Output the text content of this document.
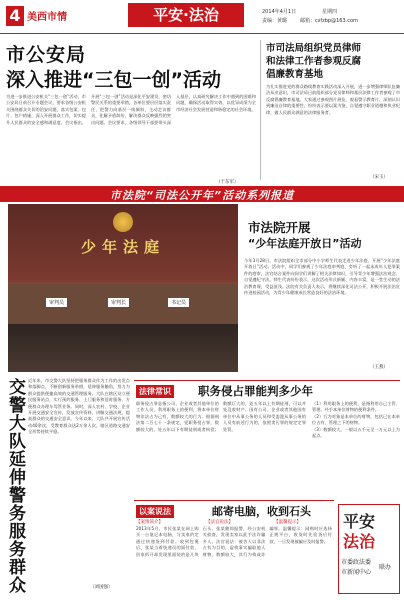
4 美西市情	平安·法治	2014年4月1日	星期四
责编：黄璐	邮箱：csfzbp@163.com
市公安局
深入推进“三包一创”活动
为进一步推进公安机关“三包一创”活动，市公安局日前召开专题会议，要求各级公安机关围绕群众关切的治安问题，落实包案、包片、包户措施，深入开展群众工作，切实提升人民群众的安全感和满意度。会议指出，开展“三包一创”活动是深化平安建设、密切警民关系的重要举措，各单位要层层落实责任，把警力向基层一线倾斜，主动走访群众，化解矛盾纠纷，解决群众反映强烈的突出问题。会议要求，各级领导干部要带头深入基层，认真研究解决工作中遇到的困难和问题，确保活动取得实效，以优异成绩为全市经济社会发展营造和谐稳定的社会环境。
（于东军）
市司法局组织党员律师
和法律工作者参观反腐
倡廉教育基地
为扎实推进党的群众路线教育实践活动深入开展，进一步增强律师队伍廉洁从业意识，市司法局日前组织部分党员律师和基层法律工作者参观了市反腐倡廉教育基地。大家通过参观图片展览、观看警示教育片，深刻认识到廉洁自律的重要性，纷纷表示要以案为鉴，自觉遵守职业道德和执业纪律，做人民群众满意的法律服务者。
（宋玉）
市法院“司法公开年”活动系列报道
少年法庭
审判员	审判长	书记员
市法院开展
“少年法庭开放日”活动
今年3月28日，市法院组织全市部分中小学师生代表走进少年法庭，开展“少年法庭开放日”活动。活动中，同学们参观了少年法庭审判庭，旁听了一起未成年人犯罪案件的庭审，法官结合案件向同学们讲解了相关法律知识，引导青少年增强法治观念、自觉遵纪守法。师生代表纷纷表示，这次活动形式新颖、内容丰富，是一堂生动的法治教育课，受益匪浅。法院有关负责人表示，将继续深化司法公开，积极开展法治宣传进校园活动，为青少年健康成长营造良好的法治环境。
（王燕）
交警大队延伸警务服务群众 近年来，市交警大队坚持把服务群众作为工作的出发点和落脚点，不断创新服务举措，延伸服务触角，努力为群众提供便捷高效的交通管理服务。大队在辖区设立便民服务站点，实行预约服务、上门服务和延时服务，方便群众办理车驾管业务。同时，深入农村、学校、企业开展交通安全宣传，发放宣传资料，讲解交通法规，提高群众的交通安全意识。今年以来，大队共开展宣传活动40余次，受教育群众达2万余人次，辖区道路交通安全形势持续平稳。
（刘国强）
法律常识 职务侵占罪能判多少年
职务侵占罪是指公司、企业或者其他单位的工作人员，利用职务上的便利，将本单位财物非法占为己有，数额较大的行为。根据刑法第二百七十一条规定，犯职务侵占罪，数额较大的，处五年以下有期徒刑或者拘役；数额巨大的，处五年以上有期徒刑，可以并处没收财产。国有公司、企业或者其他国有单位中从事公务的人员和受委派从事公务的人员有前述行为的，依照贪污罪的规定定罪处罚。
（1）利用职务上的便利，是指利用自己主管、管理、经手本单位财物的便利条件。
（2）行为对象是本单位的财物，包括已在本单位占有、管理之下的财物。
（3）数额较大，一般以五千元至一万元以上为起点。
以案说法	邮寄电脑，收到石头
【案情简介】	【法官说法】	【温馨提示】
2013年5月，市民张某在网上购买一台笔记本电脑，与卖家约定通过快递货到付款。收到包裹后，张某当着快递员的面付款，回家拆开却发现里面装的是几块石头。张某随即报警，经公安机关侦查，发现卖家以此手法诈骗多人。法官说法：被告人以非法占有为目的，虚构事实骗取他人财物，数额较大，其行为构成诈骗罪。温馨提示：网购时应选择正规平台，收货时先验货后付款，一旦发现被骗应及时报警。
平安
法治
市委政法委
市新闻中心
联办
